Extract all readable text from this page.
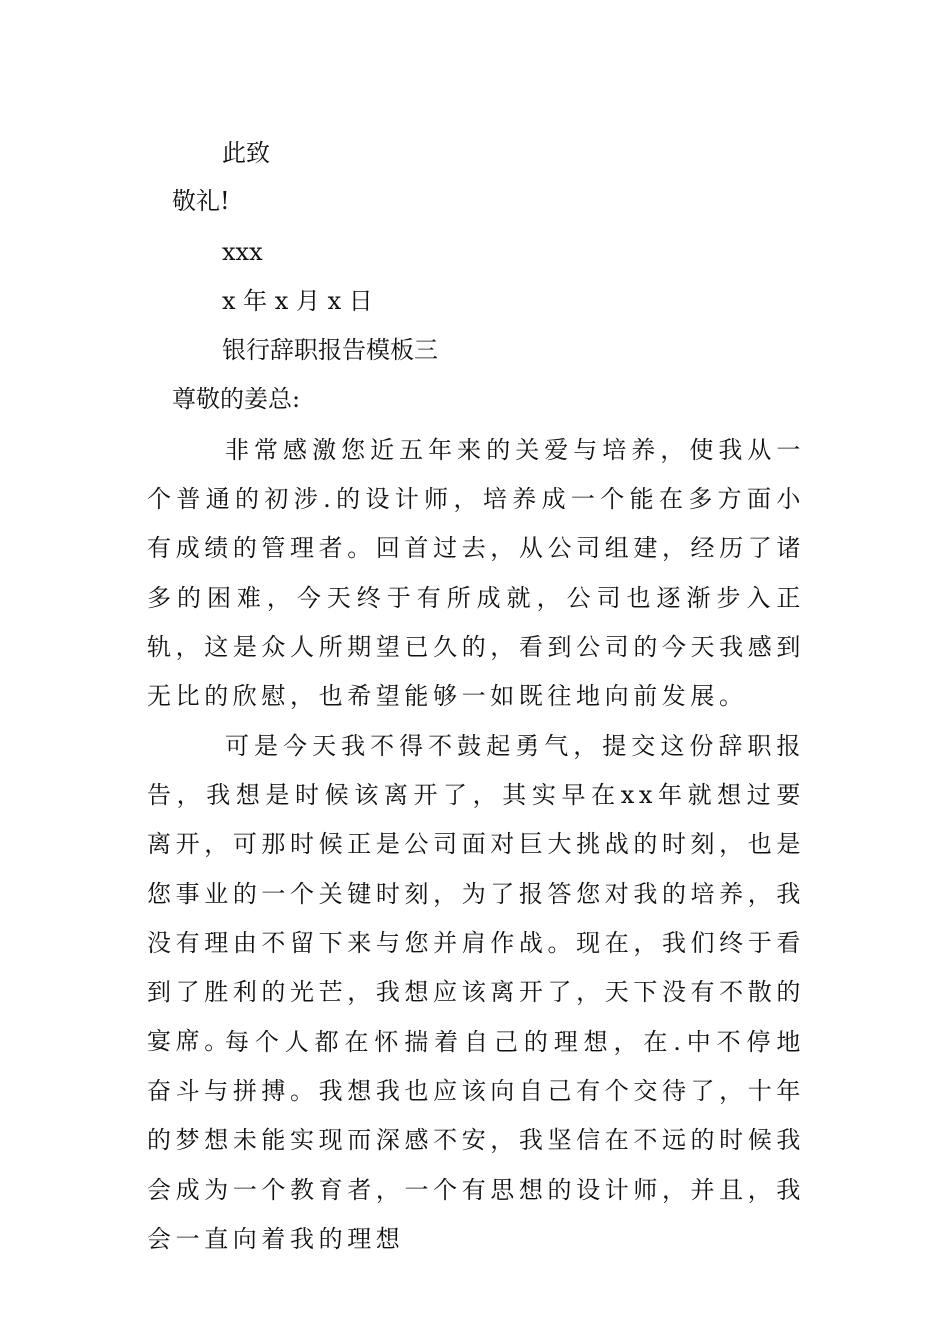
此致
敬礼!
xxx
x 年 x 月 x 日
银行辞职报告模板三
尊敬的姜总:

非常感激您近五年来的关爱与培养，使我从一个普通的初涉.的设计师，培养成一个能在多方面小有成绩的管理者。回首过去，从公司组建，经历了诸多的困难，今天终于有所成就，公司也逐渐步入正轨，这是众人所期望已久的，看到公司的今天我感到无比的欣慰，也希望能够一如既往地向前发展。

可是今天我不得不鼓起勇气，提交这份辞职报告，我想是时候该离开了，其实早在xx年就想过要离开，可那时候正是公司面对巨大挑战的时刻，也是您事业的一个关键时刻，为了报答您对我的培养，我没有理由不留下来与您并肩作战。现在，我们终于看到了胜利的光芒，我想应该离开了，天下没有不散的宴席。

每个人都在怀揣着自己的理想，在.中不停地奋斗与拼搏。我想我也应该向自己有个交待了，十年的梦想未能实现而深感不安，我坚信在不远的时候我会成为一个教育者，一个有思想的设计师，并且，我会一直向着我的理想
